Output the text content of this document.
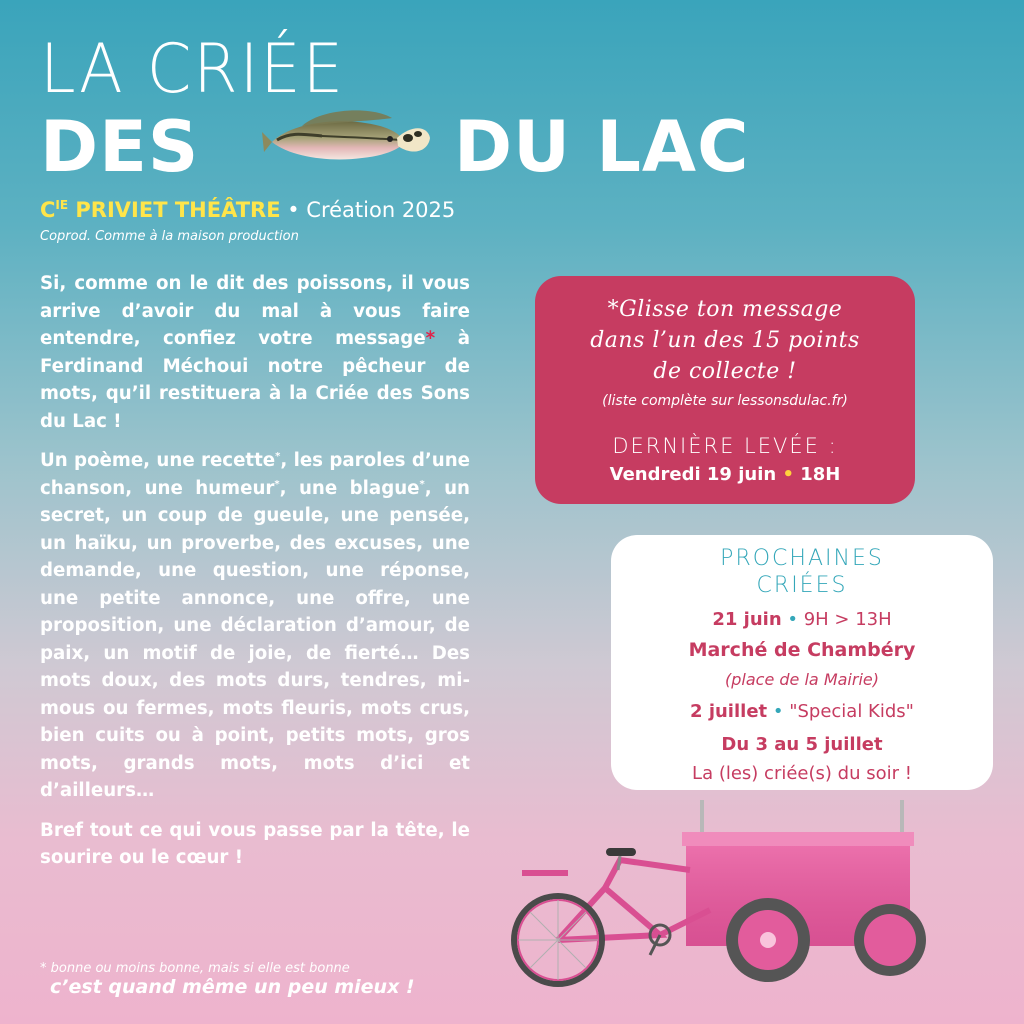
LA CRIÉE
DES	DU LAC
$C^{IE}$ PRIVIET THÉÂTRE • Création 2025
Coprod. Comme à la maison production

Si, comme on le dit des poissons, il vous arrive d’avoir du mal à vous faire entendre, confiez votre message* à Ferdinand Méchoui notre pêcheur de mots, qu’il restituera à la Criée des Sons du Lac !

Un poème, une recette*, les paroles d’une chanson, une humeur*, une blague*, un secret, un coup de gueule, une pensée, un haïku, un proverbe, des excuses, une demande, une question, une réponse, une petite annonce, une offre, une proposition, une déclaration d’amour, de paix, un motif de joie, de fierté… Des mots doux, des mots durs, tendres, mi-mous ou fermes, mots fleuris, mots crus, bien cuits ou à point, petits mots, gros mots, grands mots, mots d’ici et d’ailleurs…

Bref tout ce qui vous passe par la tête, le sourire ou le cœur !

* bonne ou moins bonne, mais si elle est bonne
c’est quand même un peu mieux !
*Glisse ton message
dans l’un des 15 points
de collecte !
(liste complète sur lessonsdulac.fr)
DERNIÈRE LEVÉE :
Vendredi 19 juin • 18H
PROCHAINES
CRIÉES
21 juin • 9H > 13H
Marché de Chambéry
(place de la Mairie)
2 juillet • "Special Kids"
Du 3 au 5 juillet
La (les) criée(s) du soir !
